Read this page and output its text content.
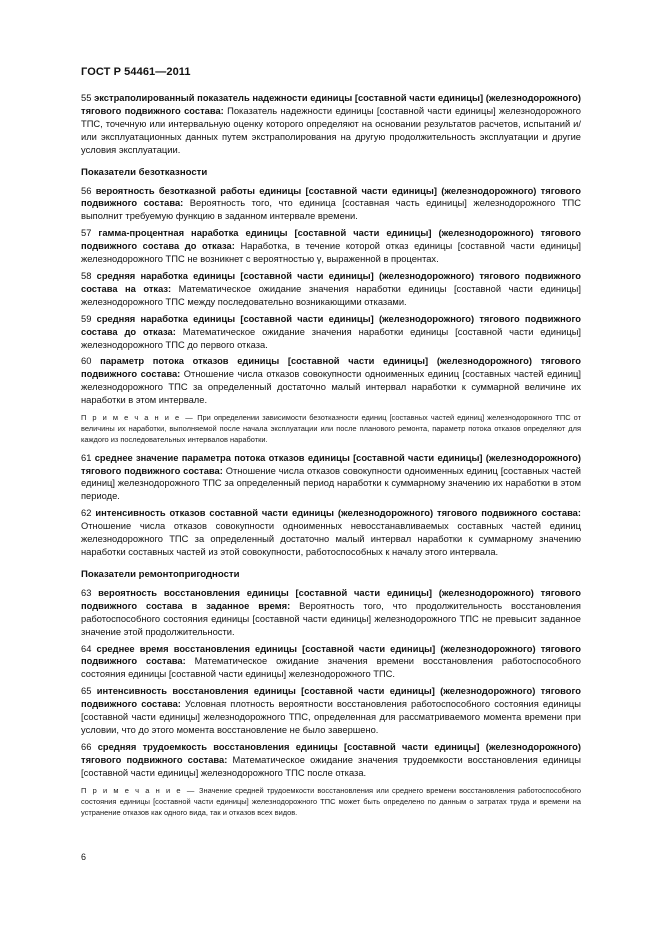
ГОСТ Р 54461—2011

55 экстраполированный показатель надежности единицы [составной части единицы] (железнодорожного) тягового подвижного состава: Показатель надежности единицы [составной части единицы] железнодорожного ТПС, точечную или интервальную оценку которого определяют на основании результатов расчетов, испытаний и/или эксплуатационных данных путем экстраполирования на другую продолжительность эксплуатации и другие условия эксплуатации.

Показатели безотказности

56 вероятность безотказной работы единицы [составной части единицы] (железнодорожного) тягового подвижного состава: Вероятность того, что единица [составная часть единицы] железнодорожного ТПС выполнит требуемую функцию в заданном интервале времени.

57 гамма-процентная наработка единицы [составной части единицы] (железнодорожного) тягового подвижного состава до отказа: Наработка, в течение которой отказ единицы [составной части единицы] железнодорожного ТПС не возникнет с вероятностью γ, выраженной в процентах.

58 средняя наработка единицы [составной части единицы] (железнодорожного) тягового подвижного состава на отказ: Математическое ожидание значения наработки единицы [составной части единицы] железнодорожного ТПС между последовательно возникающими отказами.

59 средняя наработка единицы [составной части единицы] (железнодорожного) тягового подвижного состава до отказа: Математическое ожидание значения наработки единицы [составной части единицы] железнодорожного ТПС до первого отказа.

60 параметр потока отказов единицы [составной части единицы] (железнодорожного) тягового подвижного состава: Отношение числа отказов совокупности одноименных единиц [составных частей единиц] железнодорожного ТПС за определенный достаточно малый интервал наработки к суммарной величине их наработки в этом интервале.

П р и м е ч а н и е — При определении зависимости безотказности единиц [составных частей единиц] железнодорожного ТПС от величины их наработки, выполняемой после начала эксплуатации или после планового ремонта, параметр потока отказов определяют для каждого из последовательных интервалов наработки.

61 среднее значение параметра потока отказов единицы [составной части единицы] (железнодорожного) тягового подвижного состава: Отношение числа отказов совокупности одноименных единиц [составных частей единиц] железнодорожного ТПС за определенный период наработки к суммарному значению их наработки в этом периоде.

62 интенсивность отказов составной части единицы (железнодорожного) тягового подвижного состава: Отношение числа отказов совокупности одноименных невосстанавливаемых составных частей единиц железнодорожного ТПС за определенный достаточно малый интервал наработки к суммарному значению наработки составных частей из этой совокупности, работоспособных к началу этого интервала.

Показатели ремонтопригодности

63 вероятность восстановления единицы [составной части единицы] (железнодорожного) тягового подвижного состава в заданное время: Вероятность того, что продолжительность восстановления работоспособного состояния единицы [составной части единицы] железнодорожного ТПС не превысит заданное значение этой продолжительности.

64 среднее время восстановления единицы [составной части единицы] (железнодорожного) тягового подвижного состава: Математическое ожидание значения времени восстановления работоспособного состояния единицы [составной части единицы] железнодорожного ТПС.

65 интенсивность восстановления единицы [составной части единицы] (железнодорожного) тягового подвижного состава: Условная плотность вероятности восстановления работоспособного состояния единицы [составной части единицы] железнодорожного ТПС, определенная для рассматриваемого момента времени при условии, что до этого момента восстановление не было завершено.

66 средняя трудоемкость восстановления единицы [составной части единицы] (железнодорожного) тягового подвижного состава: Математическое ожидание значения трудоемкости восстановления единицы [составной части единицы] железнодорожного ТПС после отказа.

П р и м е ч а н и е — Значение средней трудоемкости восстановления или среднего времени восстановления работоспособного состояния единицы [составной части единицы] железнодорожного ТПС может быть определено по данным о затратах труда и времени на устранение отказов как одного вида, так и отказов всех видов.

6
